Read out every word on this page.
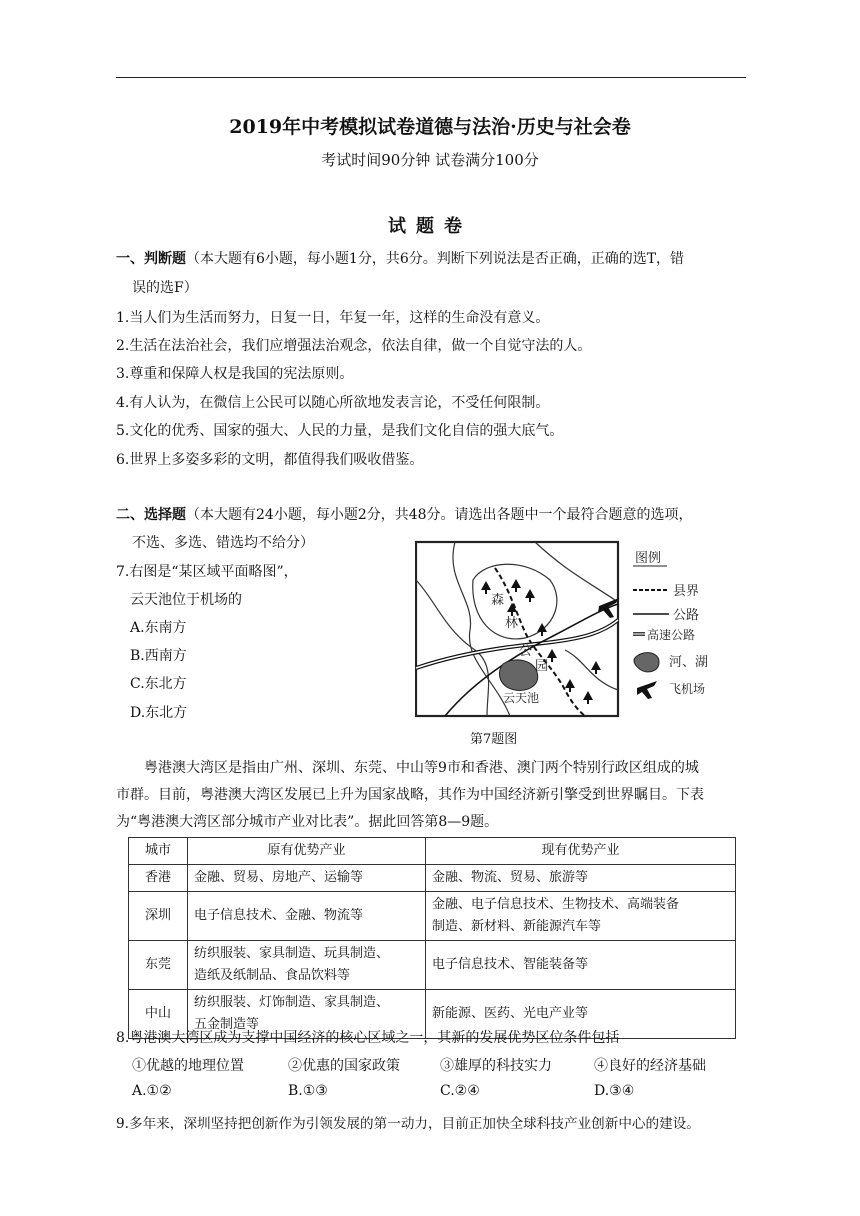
2019年中考模拟试卷道德与法治·历史与社会卷
考试时间90分钟 试卷满分100分
试题卷
一、判断题（本大题有6小题，每小题1分，共6分。判断下列说法是否正确，正确的选T，错
误的选F）
1.当人们为生活而努力，日复一日，年复一年，这样的生命没有意义。
2.生活在法治社会，我们应增强法治观念，依法自律，做一个自觉守法的人。
3.尊重和保障人权是我国的宪法原则。
4.有人认为，在微信上公民可以随心所欲地发表言论，不受任何限制。
5.文化的优秀、国家的强大、人民的力量，是我们文化自信的强大底气。
6.世界上多姿多彩的文明，都值得我们吸收借鉴。
二、选择题（本大题有24小题，每小题2分，共48分。请选出各题中一个最符合题意的选项，
不选、多选、错选均不给分）
7.右图是“某区域平面略图”，
云天池位于机场的
A.东南方
B.西南方
C.东北方
D.东北方
森
林
公
园
云天池
图例
县界
公路
高速公路
河、湖
飞机场
第7题图
粤港澳大湾区是指由广州、深圳、东莞、中山等9市和香港、澳门两个特别行政区组成的城
市群。目前，粤港澳大湾区发展已上升为国家战略，其作为中国经济新引擎受到世界瞩目。下表
为“粤港澳大湾区部分城市产业对比表”。据此回答第8—9题。
城市	原有优势产业	现有优势产业
香港	金融、贸易、房地产、运输等	金融、物流、贸易、旅游等
深圳	电子信息技术、金融、物流等	金融、电子信息技术、生物技术、高端装备
制造、新材料、新能源汽车等

东莞	纺织服装、家具制造、玩具制造、
造纸及纸制品、食品饮料等	电子信息技术、智能装备等
中山	纺织服装、灯饰制造、家具制造、
五金制造等	新能源、医药、光电产业等
8.粤港澳大湾区成为支撑中国经济的核心区域之一，其新的发展优势区位条件包括
①优越的地理位置	②优惠的国家政策	③雄厚的科技实力	④良好的经济基础
A.①②	B.①③	C.②④	D.③④
9.多年来，深圳坚持把创新作为引领发展的第一动力，目前正加快全球科技产业创新中心的建设。
